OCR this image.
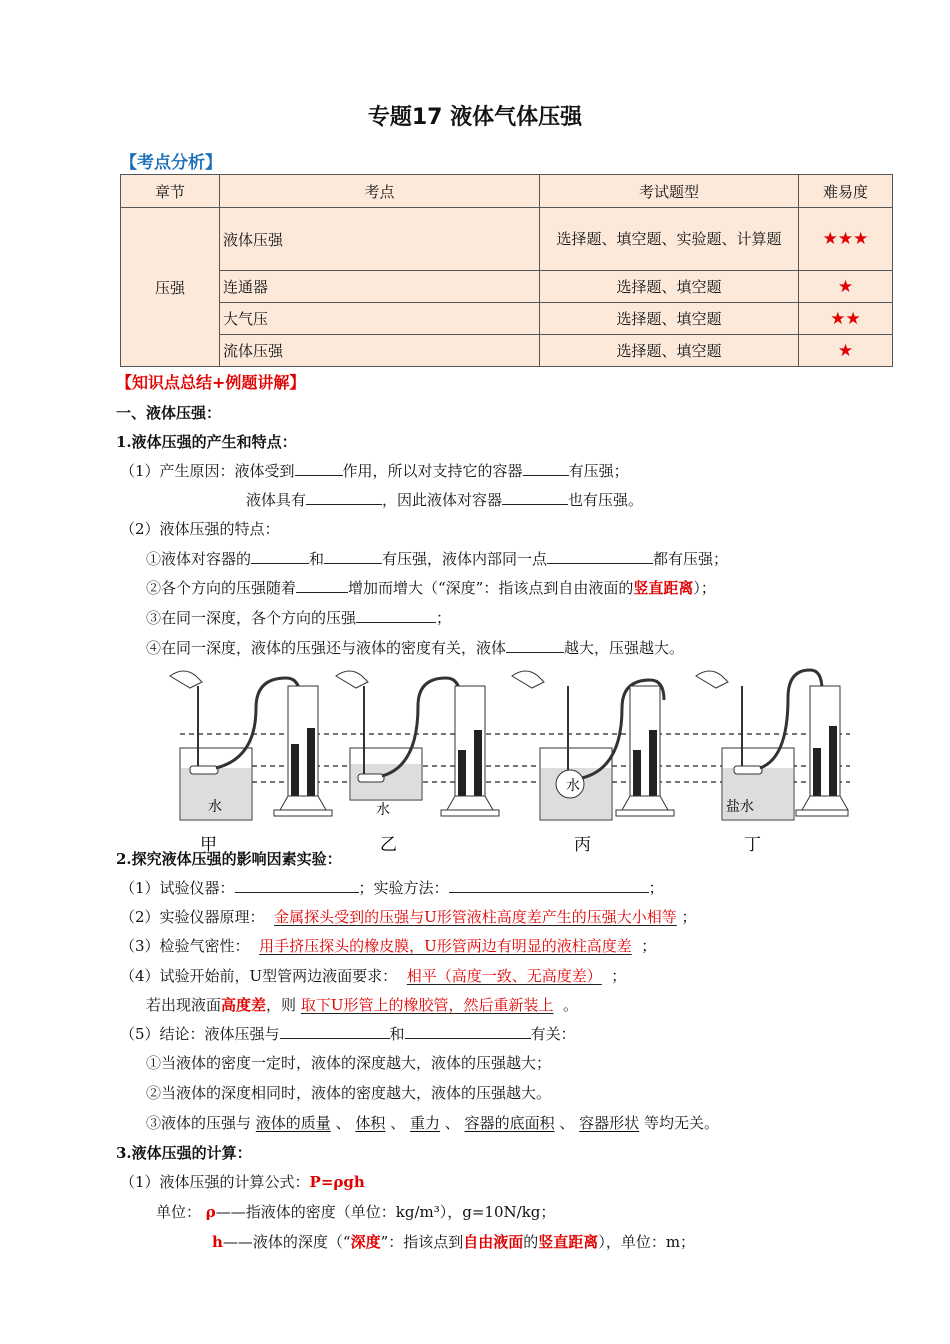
专题17 液体气体压强
【考点分析】
章节	考点	考试题型	难易度
压强	液体压强	选择题、填空题、实验题、计算题	★★★
	连通器	选择题、填空题	★
	大气压	选择题、填空题	★★
	流体压强	选择题、填空题	★
【知识点总结+例题讲解】
一、液体压强：
1.液体压强的产生和特点：
（1）产生原因：液体受到	作用，所以对支持它的容器	有压强；
液体具有	，因此液体对容器	也有压强。
（2）液体压强的特点：
①液体对容器的	和	有压强，液体内部同一点	都有压强；
②各个方向的压强随着	增加而增大（“深度”：指该点到自由液面的竖直距离）；
③在同一深度，各个方向的压强	；
④在同一深度，液体的压强还与液体的密度有关，液体	越大，压强越大。
水
甲
水
乙
水
丙
盐水
丁
2.探究液体压强的影响因素实验：
（1）试验仪器：	；实验方法：	；
（2）实验仪器原理： 金属探头受到的压强与U形管液柱高度差产生的压强大小相等 ；
（3）检验气密性： 用手挤压探头的橡皮膜，U形管两边有明显的液柱高度差 ；
（4）试验开始前，U型管两边液面要求： 相平（高度一致、无高度差） ；
若出现液面高度差，则 取下U形管上的橡胶管，然后重新装上 。
（5）结论：液体压强与	和	有关：
①当液体的密度一定时，液体的深度越大，液体的压强越大；
②当液体的深度相同时，液体的密度越大，液体的压强越大。
③液体的压强与 液体的质量 、 体积 、 重力 、 容器的底面积 、 容器形状 等均无关。
3.液体压强的计算：
（1）液体压强的计算公式：P=ρgh
单位： ρ——指液体的密度（单位：kg/m³），g=10N/kg；
h——液体的深度（“深度”：指该点到自由液面的竖直距离），单位：m；
